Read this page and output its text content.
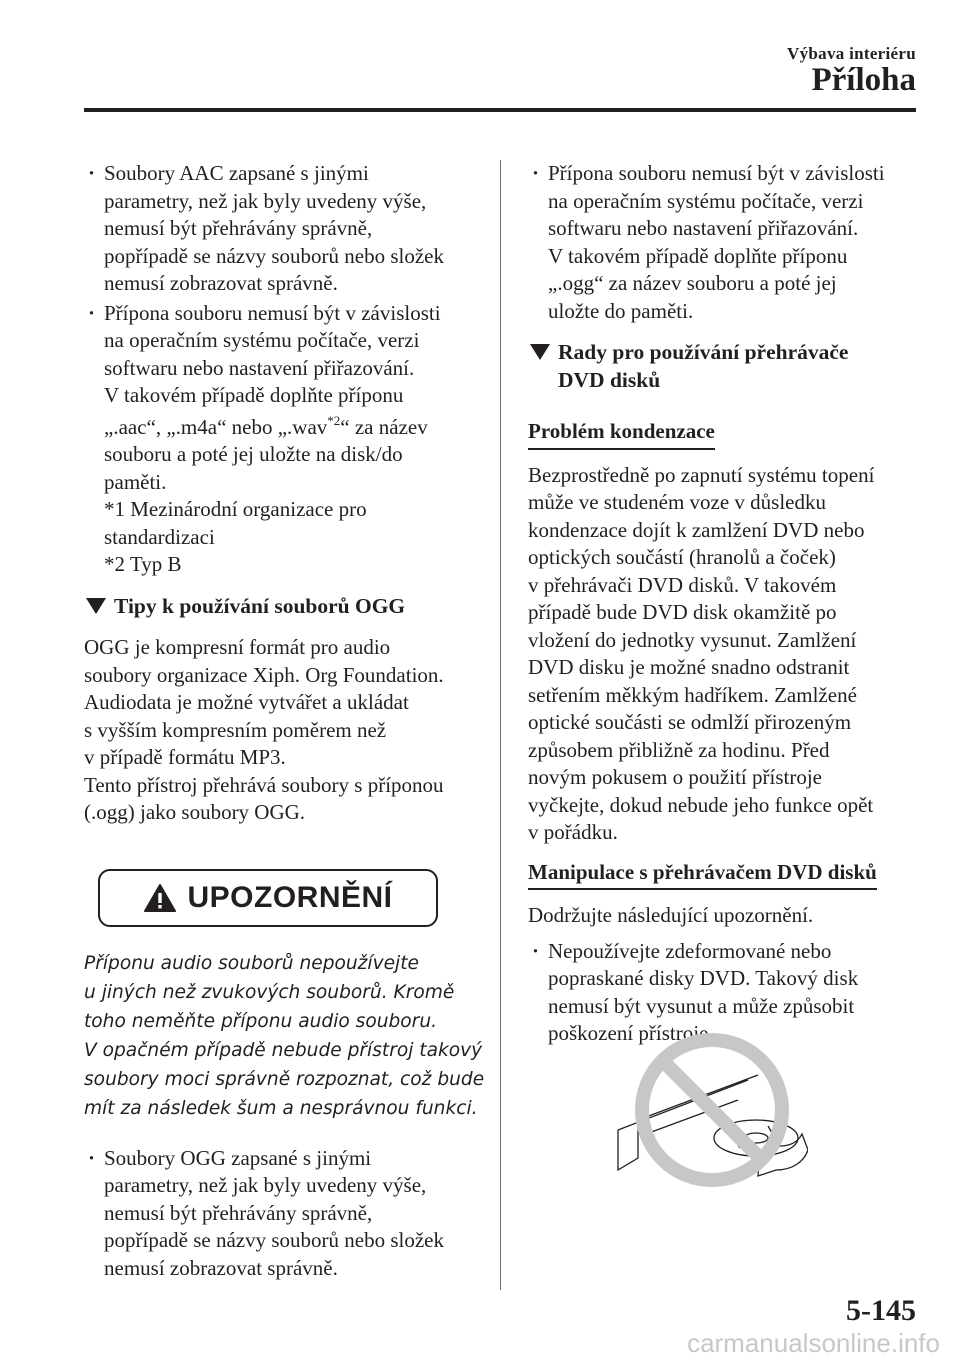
Výbava interiéru
Příloha
· Soubory AAC zapsané s jinými
parametry, než jak byly uvedeny výše,
nemusí být přehrávány správně,
popřípadě se názvy souborů nebo složek
nemusí zobrazovat správně.
· Přípona souboru nemusí být v závislosti
na operačním systému počítače, verzi
softwaru nebo nastavení přiřazování.
V takovém případě doplňte příponu
„.aac“, „.m4a“ nebo „.wav$^{*2}$“ za název
souboru a poté jej uložte na disk/do
paměti.
*1 Mezinárodní organizace pro
standardizaci
*2 Typ B
Tipy k používání souborů OGG
OGG je kompresní formát pro audio
soubory organizace Xiph. Org Foundation.
Audiodata je možné vytvářet a ukládat
s vyšším kompresním poměrem než
v případě formátu MP3.
Tento přístroj přehrává soubory s příponou
(.ogg) jako soubory OGG.
UPOZORNĚNÍ
Příponu audio souborů nepoužívejte
u jiných než zvukových souborů. Kromě
toho neměňte příponu audio souboru.
V opačném případě nebude přístroj takový
soubory moci správně rozpoznat, což bude
mít za následek šum a nesprávnou funkci.
· Soubory OGG zapsané s jinými
parametry, než jak byly uvedeny výše,
nemusí být přehrávány správně,
popřípadě se názvy souborů nebo složek
nemusí zobrazovat správně.
· Přípona souboru nemusí být v závislosti
na operačním systému počítače, verzi
softwaru nebo nastavení přiřazování.
V takovém případě doplňte příponu
„.ogg“ za název souboru a poté jej
uložte do paměti.
Rady pro používání přehrávače
DVD disků
Problém kondenzace
Bezprostředně po zapnutí systému topení
může ve studeném voze v důsledku
kondenzace dojít k zamlžení DVD nebo
optických součástí (hranolů a čoček)
v přehrávači DVD disků. V takovém
případě bude DVD disk okamžitě po
vložení do jednotky vysunut. Zamlžení
DVD disku je možné snadno odstranit
setřením měkkým hadříkem. Zamlžené
optické součásti se odmlží přirozeným
způsobem přibližně za hodinu. Před
novým pokusem o použití přístroje
vyčkejte, dokud nebude jeho funkce opět
v pořádku.
Manipulace s přehrávačem DVD disků
Dodržujte následující upozornění.
· Nepoužívejte zdeformované nebo
popraskané disky DVD. Takový disk
nemusí být vysunut a může způsobit
poškození přístroje.
5-145
carmanualsonline.info
